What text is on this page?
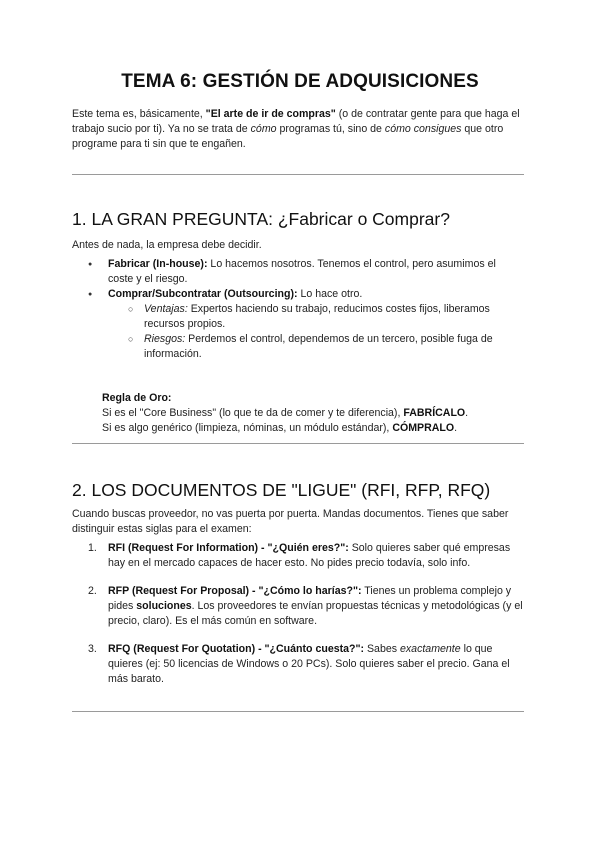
TEMA 6: GESTIÓN DE ADQUISICIONES

Este tema es, básicamente, "El arte de ir de compras" (o de contratar gente para que haga el trabajo sucio por ti). Ya no se trata de cómo programas tú, sino de cómo consigues que otro programe para ti sin que te engañen.

1. LA GRAN PREGUNTA: ¿Fabricar o Comprar?

Antes de nada, la empresa debe decidir.

● Fabricar (In-house): Lo hacemos nosotros. Tenemos el control, pero asumimos el coste y el riesgo.
● Comprar/Subcontratar (Outsourcing): Lo hace otro.
○ Ventajas: Expertos haciendo su trabajo, reducimos costes fijos, liberamos recursos propios.
○ Riesgos: Perdemos el control, dependemos de un tercero, posible fuga de información.
Regla de Oro:
Si es el "Core Business" (lo que te da de comer y te diferencia), FABRÍCALO.
Si es algo genérico (limpieza, nóminas, un módulo estándar), CÓMPRALO.
2. LOS DOCUMENTOS DE "LIGUE" (RFI, RFP, RFQ)

Cuando buscas proveedor, no vas puerta por puerta. Mandas documentos. Tienes que saber distinguir estas siglas para el examen:

1. RFI (Request For Information) - "¿Quién eres?": Solo quieres saber qué empresas hay en el mercado capaces de hacer esto. No pides precio todavía, solo info.
2. RFP (Request For Proposal) - "¿Cómo lo harías?": Tienes un problema complejo y pides soluciones. Los proveedores te envían propuestas técnicas y metodológicas (y el precio, claro). Es el más común en software.
3. RFQ (Request For Quotation) - "¿Cuánto cuesta?": Sabes exactamente lo que quieres (ej: 50 licencias de Windows o 20 PCs). Solo quieres saber el precio. Gana el más barato.
